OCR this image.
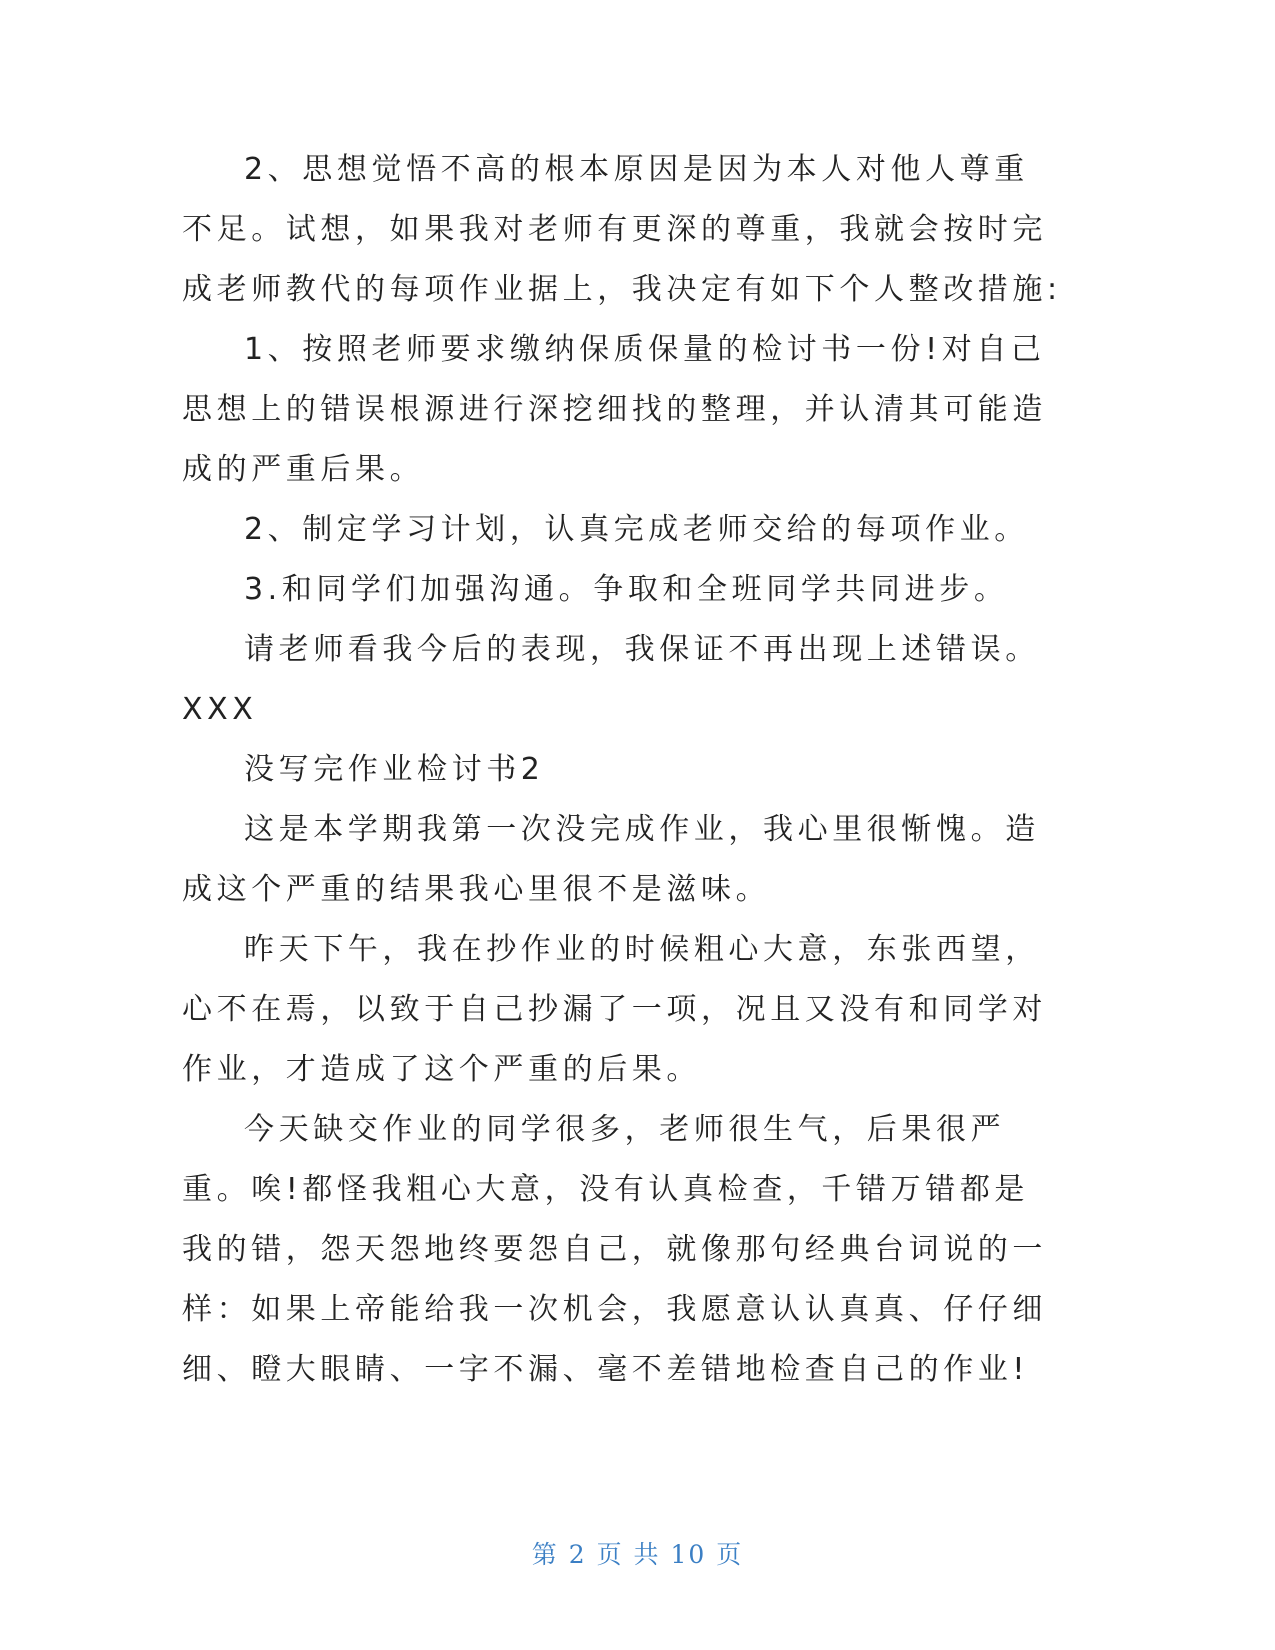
2、思想觉悟不高的根本原因是因为本人对他人尊重不足。试想，如果我对老师有更深的尊重，我就会按时完成老师教代的每项作业据上，我决定有如下个人整改措施:

1、按照老师要求缴纳保质保量的检讨书一份!对自己思想上的错误根源进行深挖细找的整理，并认清其可能造成的严重后果。

2、制定学习计划，认真完成老师交给的每项作业。

3.和同学们加强沟通。争取和全班同学共同进步。

请老师看我今后的表现，我保证不再出现上述错误。

XXX

没写完作业检讨书2

这是本学期我第一次没完成作业，我心里很惭愧。造成这个严重的结果我心里很不是滋味。

昨天下午，我在抄作业的时候粗心大意，东张西望，心不在焉，以致于自己抄漏了一项，况且又没有和同学对作业，才造成了这个严重的后果。

今天缺交作业的同学很多，老师很生气，后果很严重。唉!都怪我粗心大意，没有认真检查，千错万错都是我的错，怨天怨地终要怨自己，就像那句经典台词说的一样：如果上帝能给我一次机会，我愿意认认真真、仔仔细细、瞪大眼睛、一字不漏、毫不差错地检查自己的作业!

第 2 页 共 10 页
